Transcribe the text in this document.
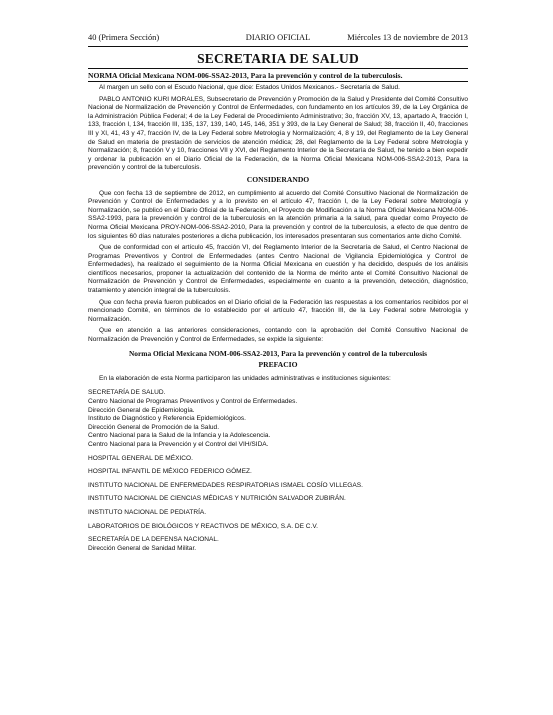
40 (Primera Sección)	DIARIO OFICIAL	Miércoles 13 de noviembre de 2013
SECRETARIA DE SALUD
NORMA Oficial Mexicana NOM-006-SSA2-2013, Para la prevención y control de la tuberculosis.

Al margen un sello con el Escudo Nacional, que dice: Estados Unidos Mexicanos.- Secretaría de Salud.

PABLO ANTONIO KURI MORALES, Subsecretario de Prevención y Promoción de la Salud y Presidente del Comité Consultivo Nacional de Normalización de Prevención y Control de Enfermedades, con fundamento en los artículos 39, de la Ley Orgánica de la Administración Pública Federal; 4 de la Ley Federal de Procedimiento Administrativo; 3o, fracción XV, 13, apartado A, fracción I, 133, fracción I, 134, fracción III, 135, 137, 139, 140, 145, 146, 351 y 393, de la Ley General de Salud; 38, fracción II, 40, fracciones III y XI, 41, 43 y 47, fracción IV, de la Ley Federal sobre Metrología y Normalización; 4, 8 y 19, del Reglamento de la Ley General de Salud en materia de prestación de servicios de atención médica; 28, del Reglamento de la Ley Federal sobre Metrología y Normalización; 8, fracción V y 10, fracciones VII y XVI, del Reglamento Interior de la Secretaría de Salud, he tenido a bien expedir y ordenar la publicación en el Diario Oficial de la Federación, de la Norma Oficial Mexicana NOM-006-SSA2-2013, Para la prevención y control de la tuberculosis.

CONSIDERANDO

Que con fecha 13 de septiembre de 2012, en cumplimiento al acuerdo del Comité Consultivo Nacional de Normalización de Prevención y Control de Enfermedades y a lo previsto en el artículo 47, fracción I, de la Ley Federal sobre Metrología y Normalización, se publicó en el Diario Oficial de la Federación, el Proyecto de Modificación a la Norma Oficial Mexicana NOM-006-SSA2-1993, para la prevención y control de la tuberculosis en la atención primaria a la salud, para quedar como Proyecto de Norma Oficial Mexicana PROY-NOM-006-SSA2-2010, Para la prevención y control de la tuberculosis, a efecto de que dentro de los siguientes 60 días naturales posteriores a dicha publicación, los interesados presentaran sus comentarios ante dicho Comité.

Que de conformidad con el artículo 45, fracción VI, del Reglamento Interior de la Secretaría de Salud, el Centro Nacional de Programas Preventivos y Control de Enfermedades (antes Centro Nacional de Vigilancia Epidemiológica y Control de Enfermedades), ha realizado el seguimiento de la Norma Oficial Mexicana en cuestión y ha decidido, después de los análisis científicos necesarios, proponer la actualización del contenido de la Norma de mérito ante el Comité Consultivo Nacional de Normalización de Prevención y Control de Enfermedades, especialmente en cuanto a la prevención, detección, diagnóstico, tratamiento y atención integral de la tuberculosis.

Que con fecha previa fueron publicados en el Diario oficial de la Federación las respuestas a los comentarios recibidos por el mencionado Comité, en términos de lo establecido por el artículo 47, fracción III, de la Ley Federal sobre Metrología y Normalización.

Que en atención a las anteriores consideraciones, contando con la aprobación del Comité Consultivo Nacional de Normalización de Prevención y Control de Enfermedades, se expide la siguiente:

Norma Oficial Mexicana NOM-006-SSA2-2013, Para la prevención y control de la tuberculosis
PREFACIO

En la elaboración de esta Norma participaron las unidades administrativas e instituciones siguientes:

SECRETARÍA DE SALUD.

Centro Nacional de Programas Preventivos y Control de Enfermedades.

Dirección General de Epidemiología.

Instituto de Diagnóstico y Referencia Epidemiológicos.

Dirección General de Promoción de la Salud.

Centro Nacional para la Salud de la Infancia y la Adolescencia.

Centro Nacional para la Prevención y el Control del VIH/SIDA.

HOSPITAL GENERAL DE MÉXICO.

HOSPITAL INFANTIL DE MÉXICO FEDERICO GÓMEZ.

INSTITUTO NACIONAL DE ENFERMEDADES RESPIRATORIAS ISMAEL COSÍO VILLEGAS.

INSTITUTO NACIONAL DE CIENCIAS MÉDICAS Y NUTRICIÓN SALVADOR ZUBIRÁN.

INSTITUTO NACIONAL DE PEDIATRÍA.

LABORATORIOS DE BIOLÓGICOS Y REACTIVOS DE MÉXICO, S.A. DE C.V.

SECRETARÍA DE LA DEFENSA NACIONAL.

Dirección General de Sanidad Militar.
